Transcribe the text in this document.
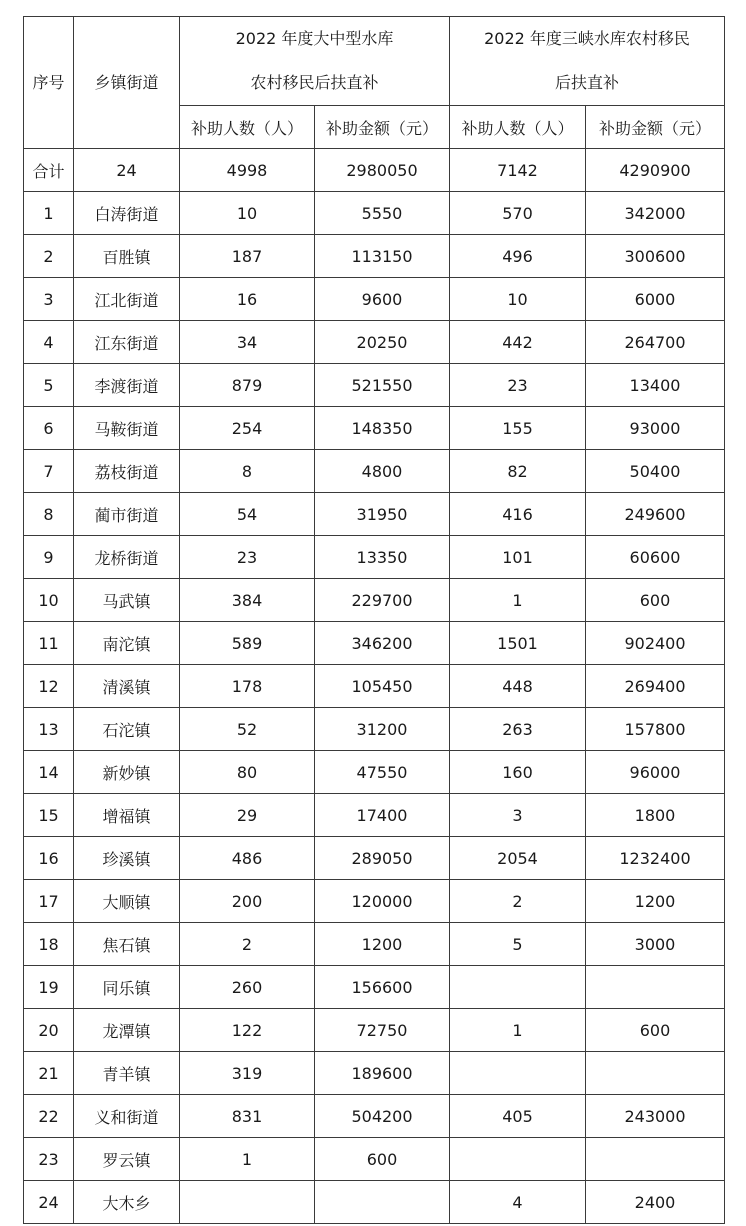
序号	乡镇街道	2022 年度大中型水库
农村移民后扶直补		2022 年度三峡水库农村移民
后扶直补	

		补助人数（人）	补助金额（元）	补助人数（人）	补助金额（元）
合计	24	4998	2980050	7142	4290900
1	白涛街道	10	5550	570	342000
2	百胜镇	187	113150	496	300600
3	江北街道	16	9600	10	6000
4	江东街道	34	20250	442	264700
5	李渡街道	879	521550	23	13400
6	马鞍街道	254	148350	155	93000
7	荔枝街道	8	4800	82	50400
8	蔺市街道	54	31950	416	249600
9	龙桥街道	23	13350	101	60600
10	马武镇	384	229700	1	600
11	南沱镇	589	346200	1501	902400
12	清溪镇	178	105450	448	269400
13	石沱镇	52	31200	263	157800
14	新妙镇	80	47550	160	96000
15	增福镇	29	17400	3	1800
16	珍溪镇	486	289050	2054	1232400
17	大顺镇	200	120000	2	1200
18	焦石镇	2	1200	5	3000
19	同乐镇	260	156600		
20	龙潭镇	122	72750	1	600
21	青羊镇	319	189600		
22	义和街道	831	504200	405	243000
23	罗云镇	1	600		
24	大木乡			4	2400
